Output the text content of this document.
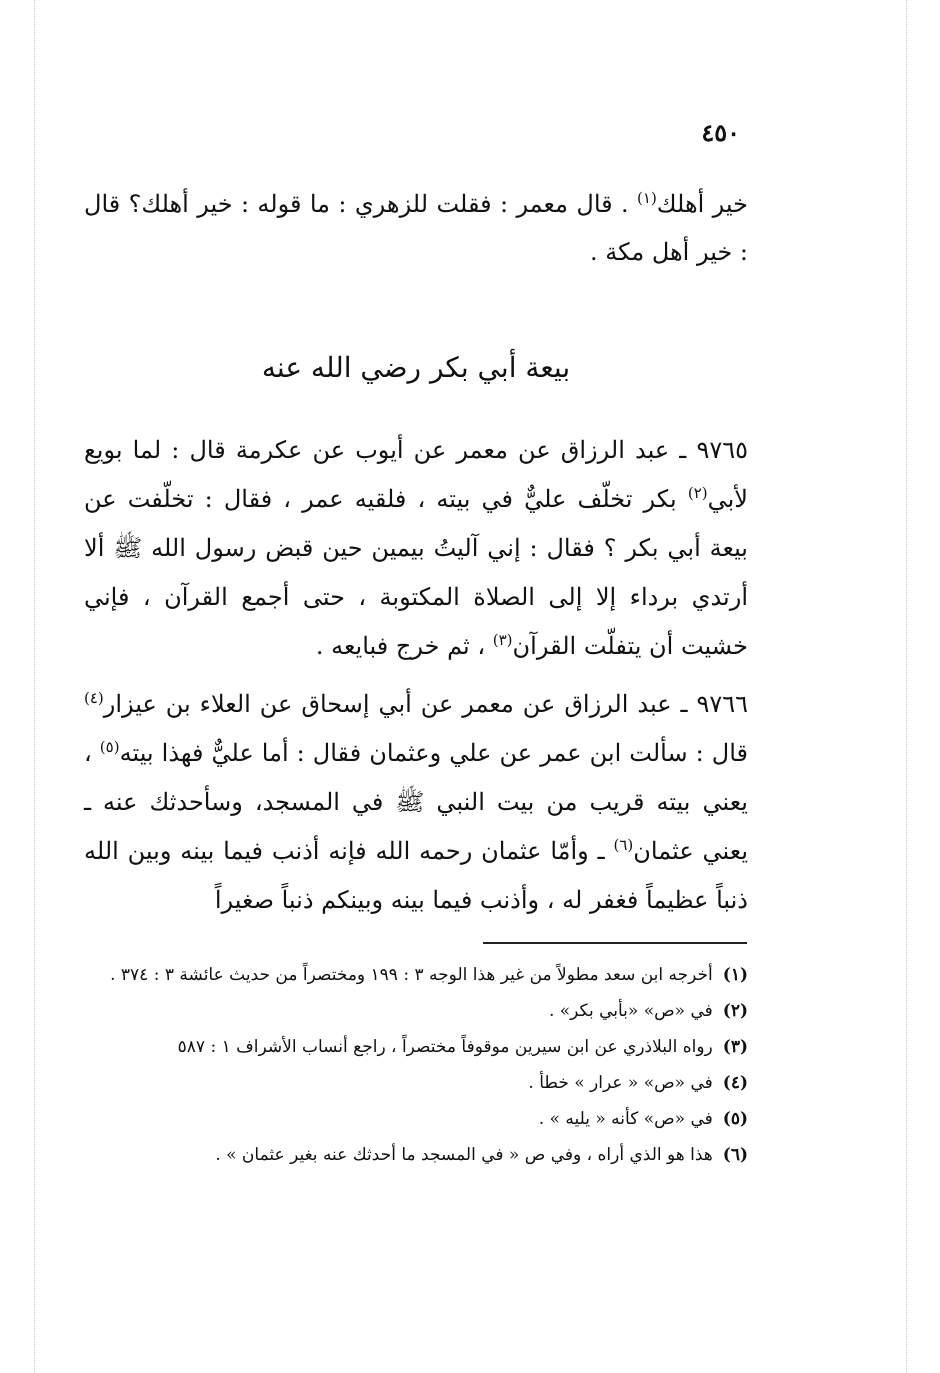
٤٥٠

خير أهلك$^{(١)}$ . قال معمر : فقلت للزهري : ما قوله : خير أهلك؟ قال : خير أهل مكة .

بيعة أبي بكر رضي الله عنه

٩٧٦٥ ـ عبد الرزاق عن معمر عن أيوب عن عكرمة قال : لما بويع لأبي$^{(٢)}$ بكر تخلّف عليٌّ في بيته ، فلقيه عمر ، فقال : تخلّفت عن بيعة أبي بكر ؟ فقال : إني آليتُ بيمين حين قبض رسول الله ﷺ ألا أرتدي برداء إلا إلى الصلاة المكتوبة ، حتى أجمع القرآن ، فإني خشيت أن يتفلّت القرآن$^{(٣)}$ ، ثم خرج فبايعه .

٩٧٦٦ ـ عبد الرزاق عن معمر عن أبي إسحاق عن العلاء بن عيزار$^{(٤)}$ قال : سألت ابن عمر عن علي وعثمان فقال : أما عليٌّ فهذا بيته$^{(٥)}$ ، يعني بيته قريب من بيت النبي ﷺ في المسجد، وسأحدثك عنه ـ يعني عثمان$^{(٦)}$ ـ وأمّا عثمان رحمه الله فإنه أذنب فيما بينه وبين الله ذنباً عظيماً فغفر له ، وأذنب فيما بينه وبينكم ذنباً صغيراً

(١)أخرجه ابن سعد مطولاً من غير هذا الوجه ٣ : ١٩٩ ومختصراً من حديث عائشة ٣ : ٣٧٤ .

(٢)في «ص» «بأبي بكر» .

(٣)رواه البلاذري عن ابن سيرين موقوفاً مختصراً ، راجع أنساب الأشراف ١ : ٥٨٧

(٤)في «ص» « عرار » خطأ .

(٥)في «ص» كأنه « يليه » .

(٦)هذا هو الذي أراه ، وفي ص « في المسجد ما أحدثك عنه بغير عثمان » .
